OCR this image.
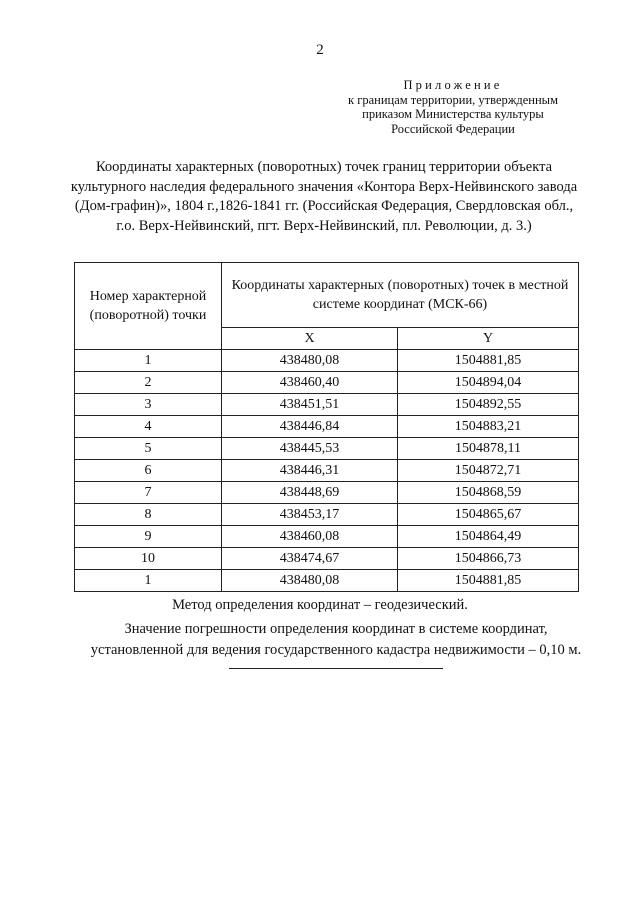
2
Приложение
к границам территории, утвержденным
приказом Министерства культуры
Российской Федерации
Координаты характерных (поворотных) точек границ территории объекта культурного наследия федерального значения «Контора Верх-Нейвинского завода (Дом-графин)», 1804 г.,1826-1841 гг. (Российская Федерация, Свердловская обл., г.о. Верх-Нейвинский, пгт. Верх-Нейвинский, пл. Революции, д. 3.)
Номер характерной (поворотной) точки	Координаты характерных (поворотных) точек в местной системе координат (МСК-66)	
	X	Y
1	438480,08	1504881,85
2	438460,40	1504894,04
3	438451,51	1504892,55
4	438446,84	1504883,21
5	438445,53	1504878,11
6	438446,31	1504872,71
7	438448,69	1504868,59
8	438453,17	1504865,67
9	438460,08	1504864,49
10	438474,67	1504866,73
1	438480,08	1504881,85
Метод определения координат – геодезический.
Значение погрешности определения координат в системе координат, установленной для ведения государственного кадастра недвижимости – 0,10 м.
